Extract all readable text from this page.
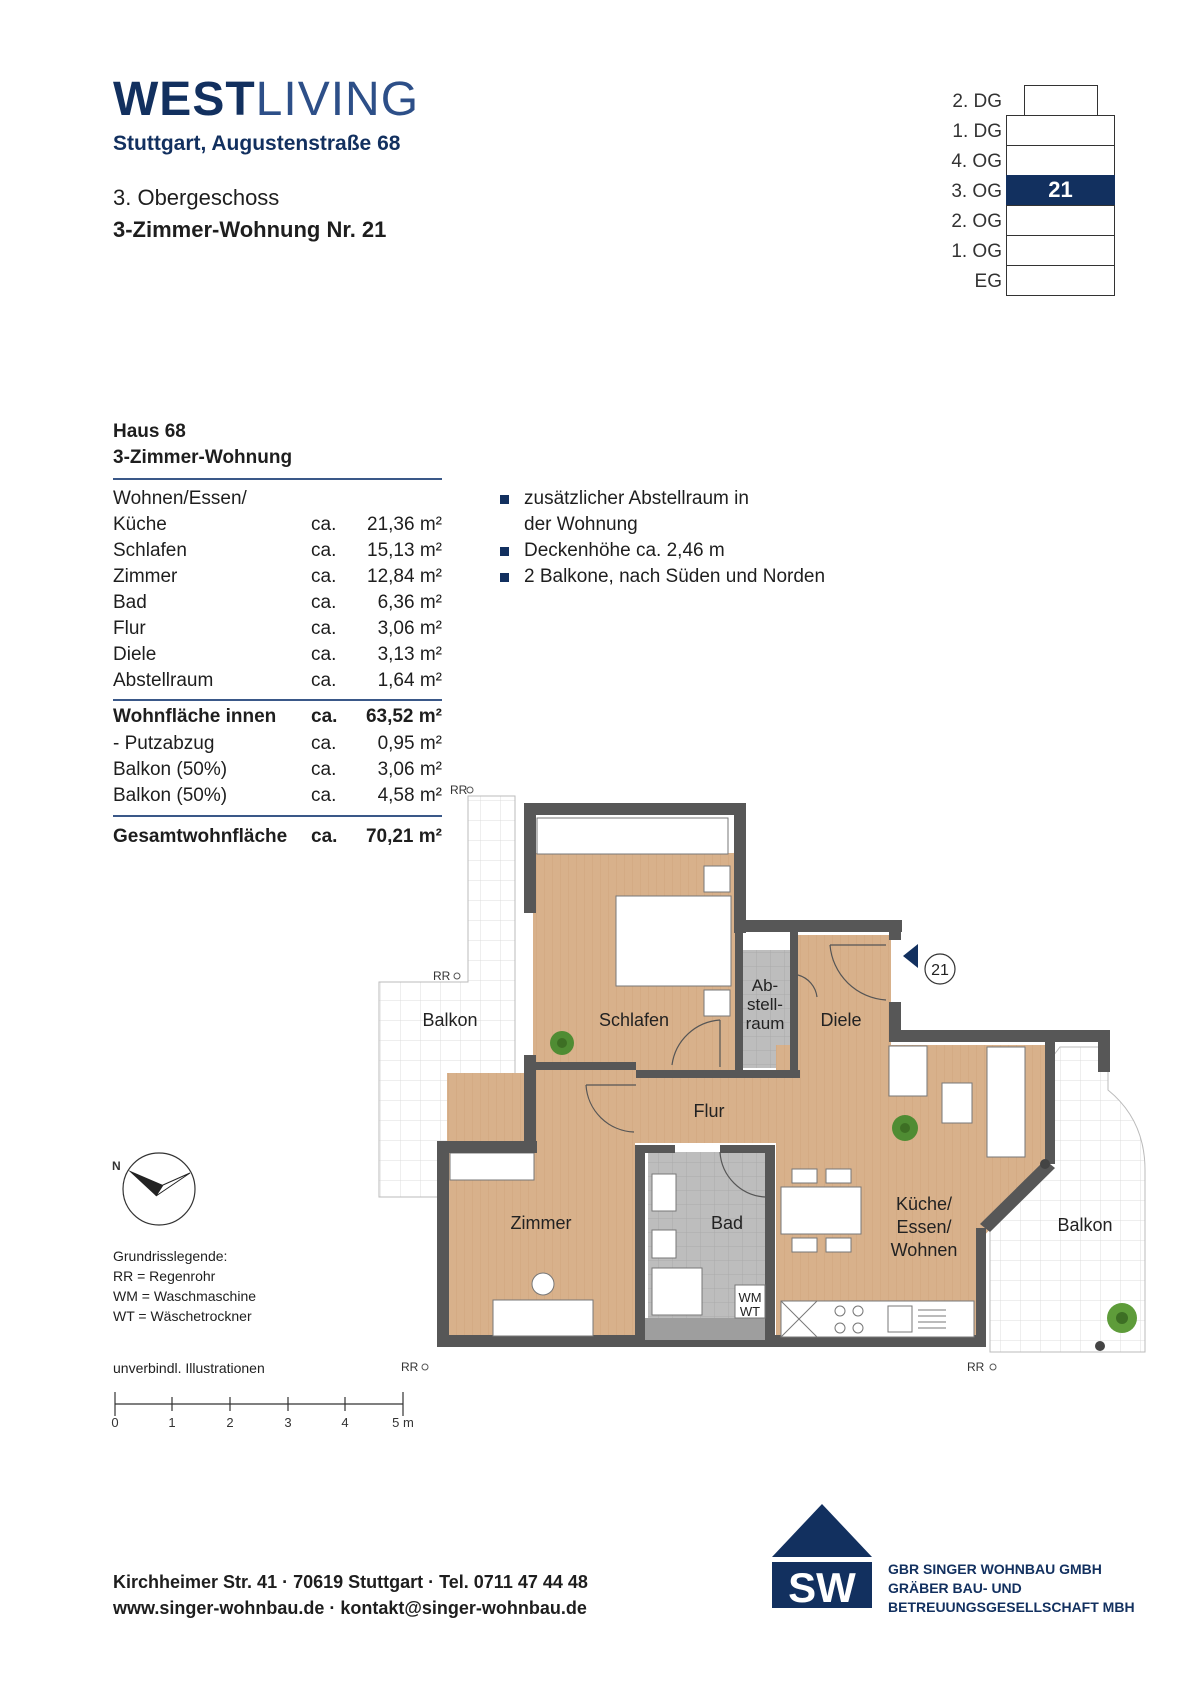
WESTLIVING
Stuttgart, Augustenstraße 68
3. Obergeschoss
3-Zimmer-Wohnung Nr. 21
2. DG
1. DG
4. OG
3. OG	21
2. OG
1. OG
EG
Haus 68
3-Zimmer-Wohnung
Wohnen/Essen/
Küche	ca. 21,36 m²
Schlafen	ca. 15,13 m²
Zimmer	ca. 12,84 m²
Bad	ca. 6,36 m²
Flur	ca. 3,06 m²
Diele	ca. 3,13 m²
Abstellraum	ca. 1,64 m²
Wohnfläche innen ca. 63,52 m²
- Putzabzug	ca. 0,95 m²
Balkon (50%)	ca. 3,06 m²
Balkon (50%)	ca. 4,58 m²
Gesamtwohnfläche ca. 70,21 m²
zusätzlicher Abstellraum in
der Wohnung
Deckenhöhe ca. 2,46 m
2 Balkone, nach Süden und Norden
Schlafen
Ab-
stell-
raum Diele
Flur
Zimmer	Bad
Küche/
Essen/
Wohnen
Balkon
Balkon
21
WM
WT
RR
RR
RR	RR
N
0	1	2	3	4	5 m
SW
Grundrisslegende:
RR = Regenrohr
WM = Waschmaschine
WT = Wäschetrockner
unverbindl. Illustrationen
Kirchheimer Str. 41 · 70619 Stuttgart · Tel. 0711 47 44 48
www.singer-wohnbau.de · kontakt@singer-wohnbau.de
GBR SINGER WOHNBAU GMBH
GRÄBER BAU- UND
BETREUUNGSGESELLSCHAFT MBH
